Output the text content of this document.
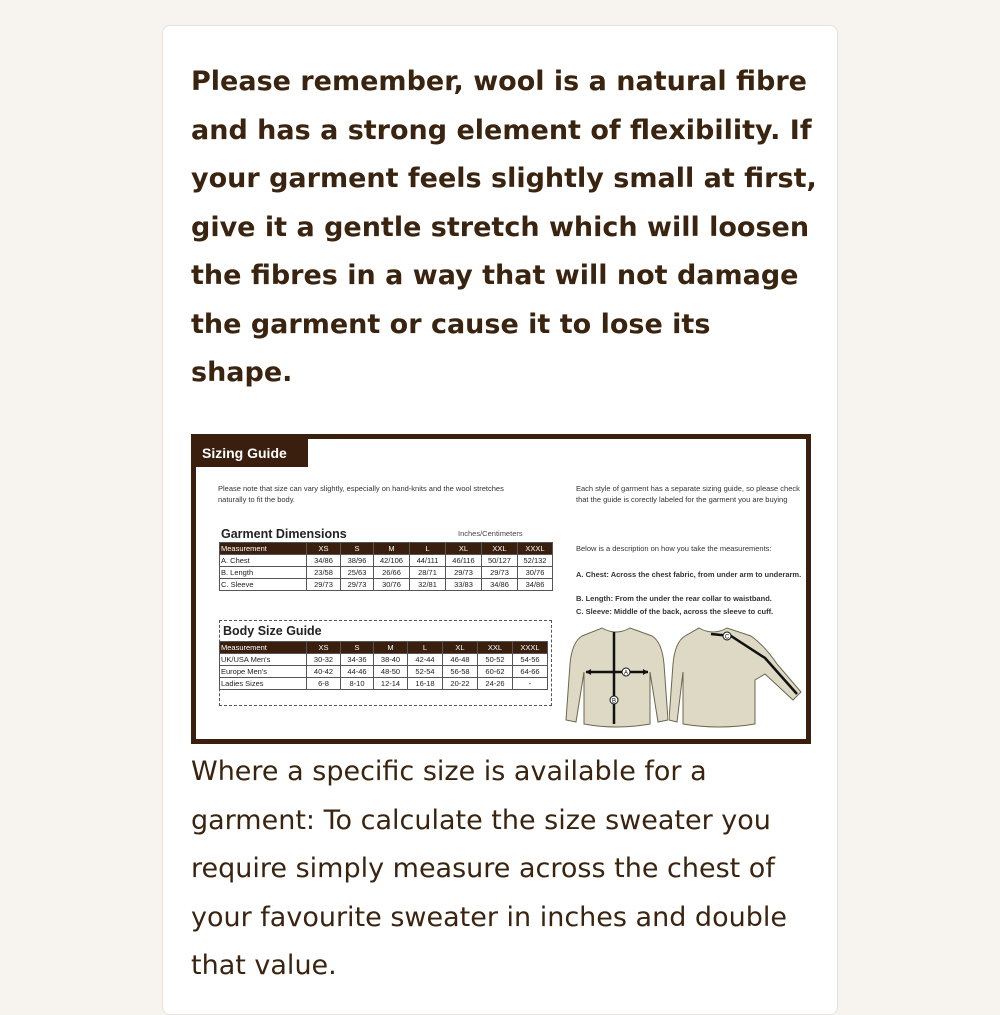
Please remember, wool is a natural fibre and has a strong element of flexibility. If your garment feels slightly small at first, give it a gentle stretch which will loosen the fibres in a way that will not damage the garment or cause it to lose its shape.

Sizing Guide
Please note that size can vary slightly, especially on hand-knits and the wool stretches naturally to fit the body.
Garment Dimensions	Inches/Centimeters
Measurement	XS	S	M	L	XL	XXL	XXXL
A. Chest	34/86	38/96	42/106	44/111	46/116	50/127	52/132
B. Length	23/58	25/63	26/66	28/71	29/73	29/73	30/76
C. Sleeve	29/73	29/73	30/76	32/81	33/83	34/86	34/86
Body Size Guide
Measurement	XS	S	M	L	XL	XXL	XXXL
UK/USA Men's	30-32	34-36	38-40	42-44	46-48	50-52	54-56
Europe Men's	40-42	44-46	48-50	52-54	56-58	60-62	64-66
Ladies Sizes	6-8	8-10	12-14	16-18	20-22	24-26	-
Each style of garment has a separate sizing guide, so please check that the guide is corectly labeled for the garment you are buying
Below is a description on how you take the measurements:
A. Chest: Across the chest fabric, from under arm to underarm.
B. Length: From the under the rear collar to waistband.
C. Sleeve: Middle of the back, across the sleeve to cuff.
A
B
C

Where a specific size is available for a garment: To calculate the size sweater you require simply measure across the chest of your favourite sweater in inches and double that value.
